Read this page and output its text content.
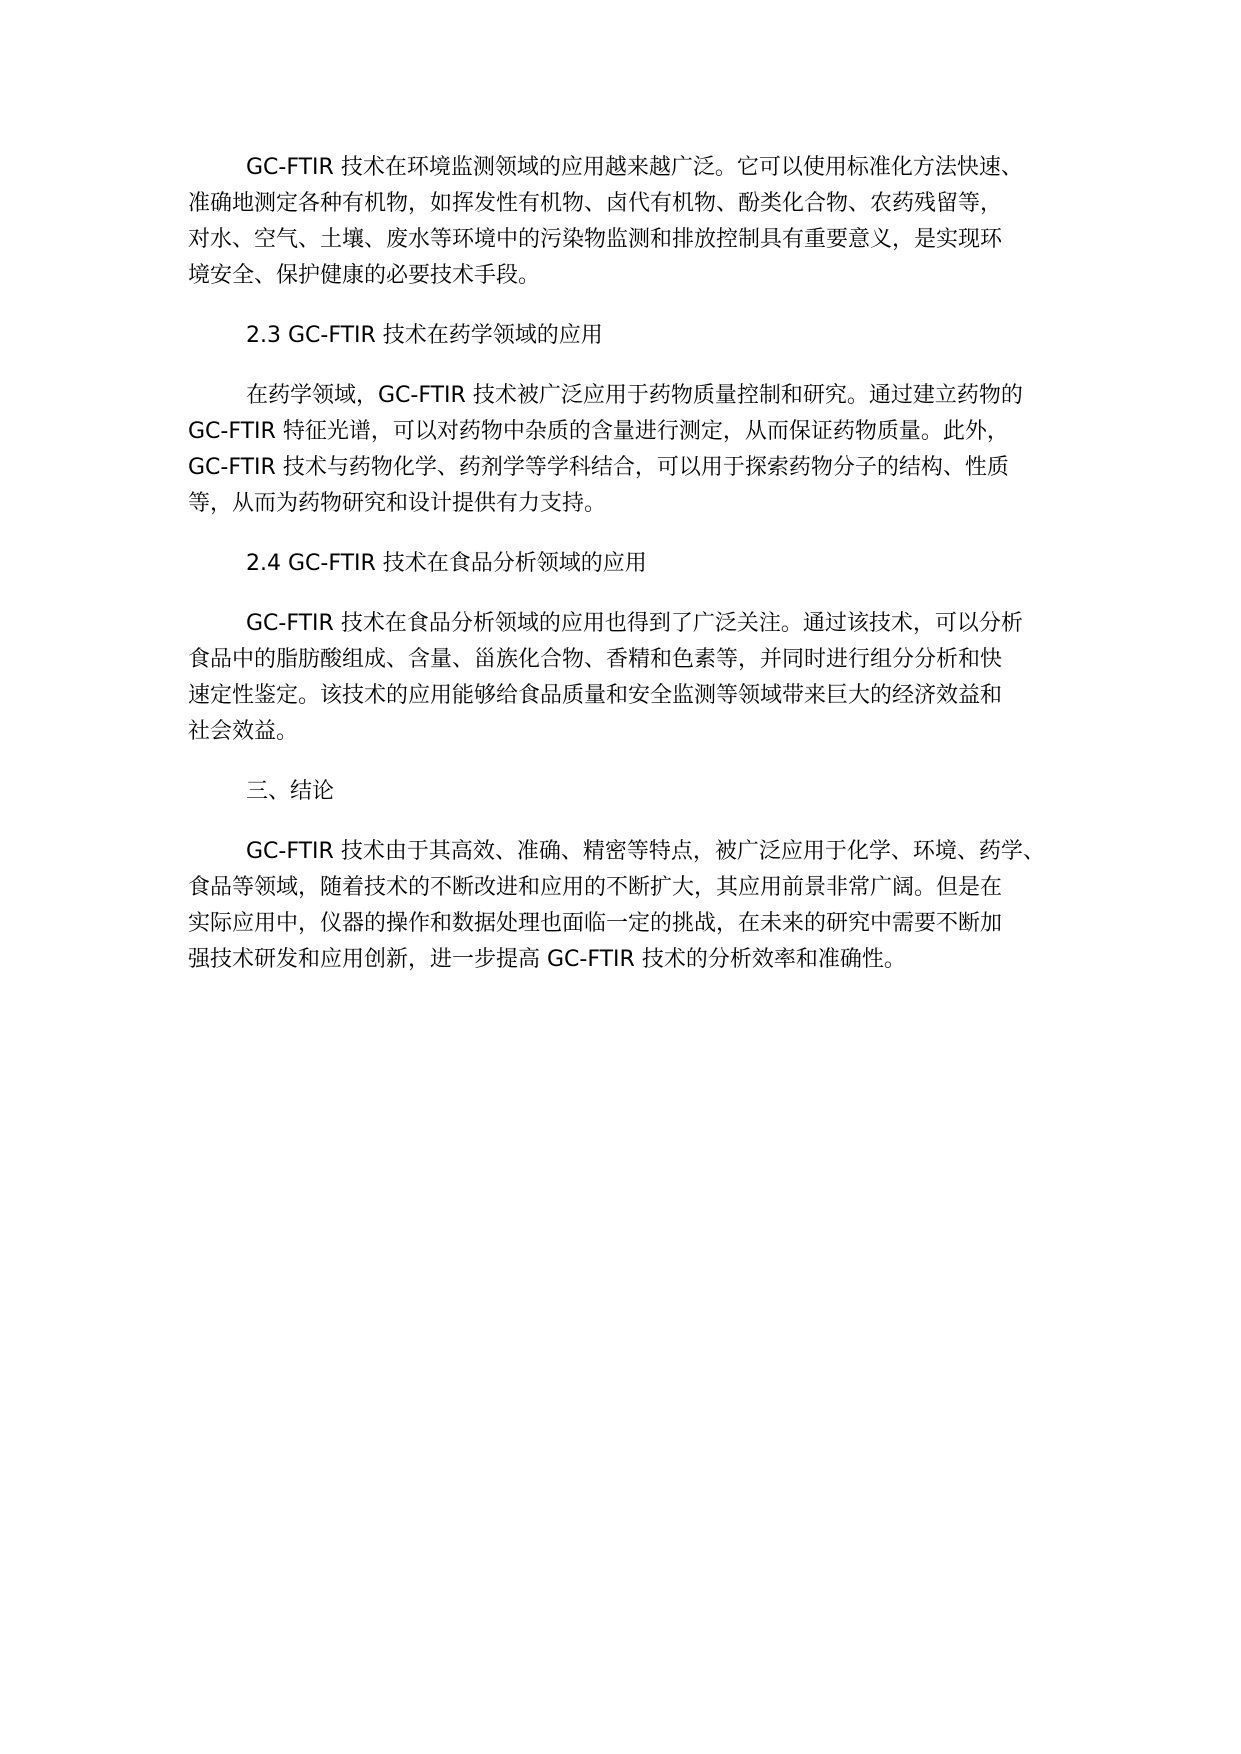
GC-FTIR 技术在环境监测领域的应用越来越广泛。它可以使用标准化方法快速、
准确地测定各种有机物，如挥发性有机物、卤代有机物、酚类化合物、农药残留等，
对水、空气、土壤、废水等环境中的污染物监测和排放控制具有重要意义，是实现环
境安全、保护健康的必要技术手段。

2.3 GC-FTIR 技术在药学领域的应用

在药学领域，GC-FTIR 技术被广泛应用于药物质量控制和研究。通过建立药物的
GC-FTIR 特征光谱，可以对药物中杂质的含量进行测定，从而保证药物质量。此外，
GC-FTIR 技术与药物化学、药剂学等学科结合，可以用于探索药物分子的结构、性质
等，从而为药物研究和设计提供有力支持。

2.4 GC-FTIR 技术在食品分析领域的应用

GC-FTIR 技术在食品分析领域的应用也得到了广泛关注。通过该技术，可以分析
食品中的脂肪酸组成、含量、甾族化合物、香精和色素等，并同时进行组分分析和快
速定性鉴定。该技术的应用能够给食品质量和安全监测等领域带来巨大的经济效益和
社会效益。

三、结论

GC-FTIR 技术由于其高效、准确、精密等特点，被广泛应用于化学、环境、药学、
食品等领域，随着技术的不断改进和应用的不断扩大，其应用前景非常广阔。但是在
实际应用中，仪器的操作和数据处理也面临一定的挑战，在未来的研究中需要不断加
强技术研发和应用创新，进一步提高 GC-FTIR 技术的分析效率和准确性。
